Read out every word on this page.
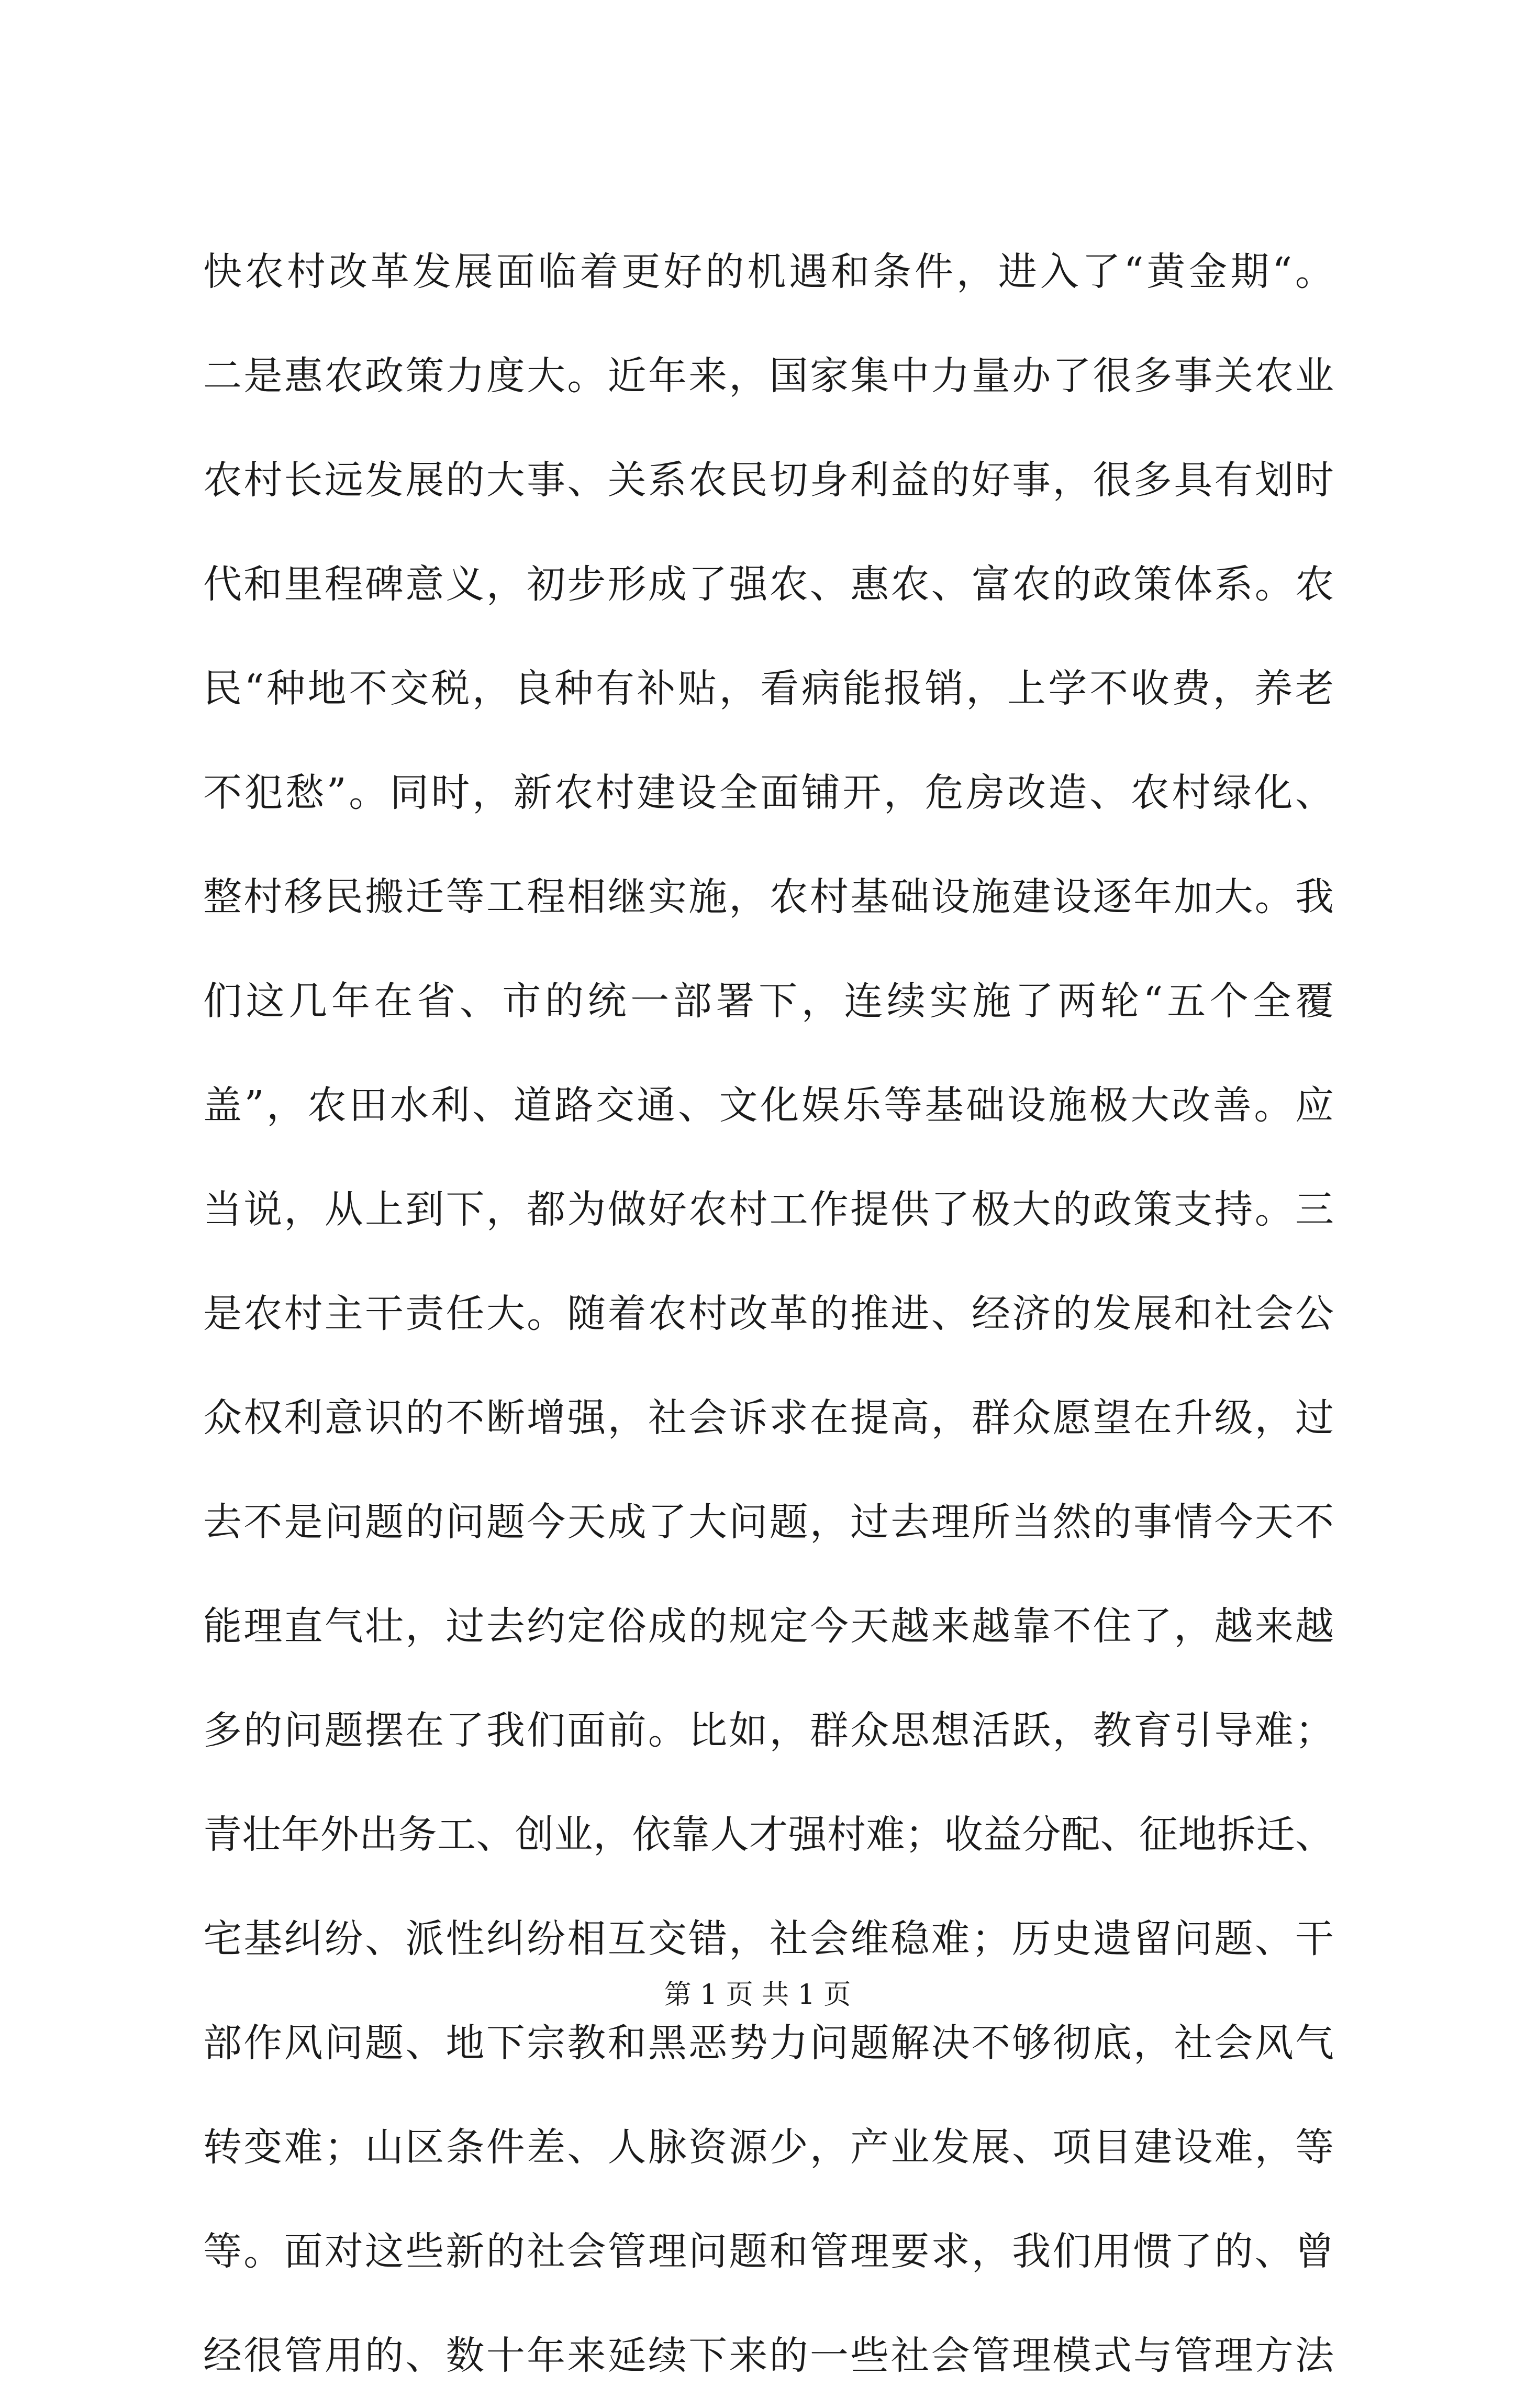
快农村改革发展面临着更好的机遇和条件，进入了“黄金期“。
二是惠农政策力度大。近年来，国家集中力量办了很多事关农业
农村长远发展的大事、关系农民切身利益的好事，很多具有划时
代和里程碑意义，初步形成了强农、惠农、富农的政策体系。农
民“种地不交税，良种有补贴，看病能报销，上学不收费，养老
不犯愁”。同时，新农村建设全面铺开，危房改造、农村绿化、
整村移民搬迁等工程相继实施，农村基础设施建设逐年加大。我
们这几年在省、市的统一部署下，连续实施了两轮“五个全覆
盖”，农田水利、道路交通、文化娱乐等基础设施极大改善。应
当说，从上到下，都为做好农村工作提供了极大的政策支持。三
是农村主干责任大。随着农村改革的推进、经济的发展和社会公
众权利意识的不断增强，社会诉求在提高，群众愿望在升级，过
去不是问题的问题今天成了大问题，过去理所当然的事情今天不
能理直气壮，过去约定俗成的规定今天越来越靠不住了，越来越
多的问题摆在了我们面前。比如，群众思想活跃，教育引导难；
青壮年外出务工、创业，依靠人才强村难；收益分配、征地拆迁、
宅基纠纷、派性纠纷相互交错，社会维稳难；历史遗留问题、干
部作风问题、地下宗教和黑恶势力问题解决不够彻底，社会风气
转变难；山区条件差、人脉资源少，产业发展、项目建设难，等
等。面对这些新的社会管理问题和管理要求，我们用惯了的、曾
经很管用的、数十年来延续下来的一些社会管理模式与管理方法
第 1 页 共 1 页
